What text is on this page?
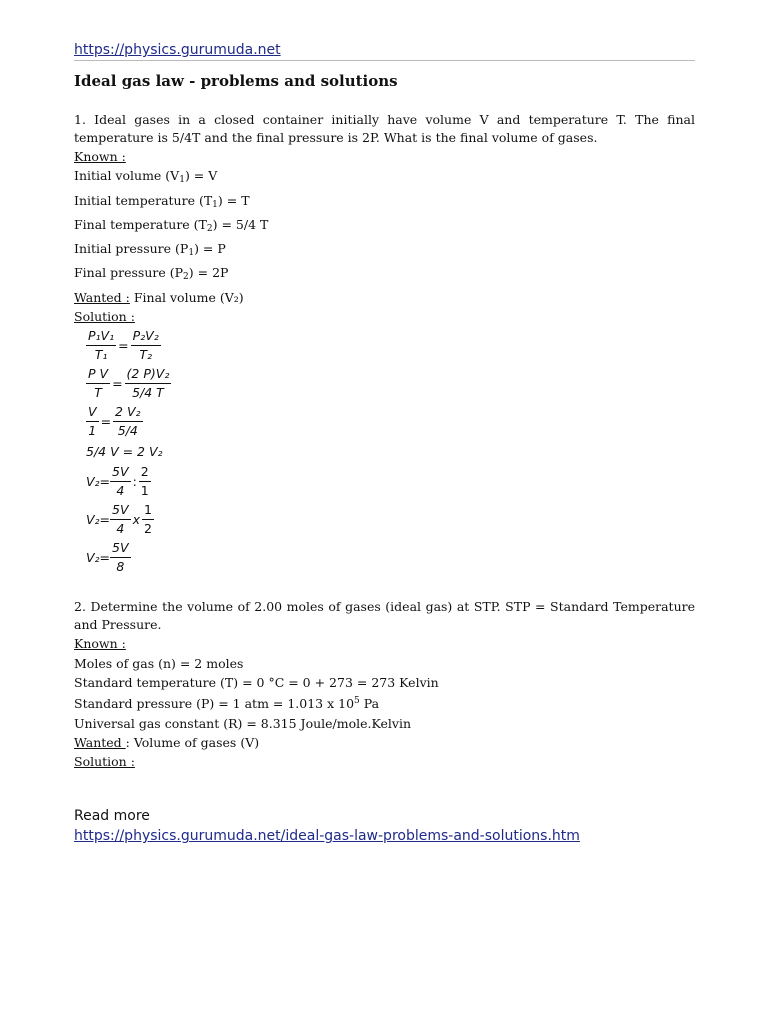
https://physics.gurumuda.net
Ideal gas law - problems and solutions
1. Ideal gases in a closed container initially have volume V and temperature T. The final temperature is 5/4T and the final pressure is 2P. What is the final volume of gases.
Known :
Initial volume $(V_1) = V$
Initial temperature $(T_1) = T$
Final temperature $(T_2) = 5/4$ T
Initial pressure $(P_1) = P$
Final pressure $(P_2) = 2P$
Wanted : Final volume (V₂)
Solution :
$\frac{\text{P₁V₁}}{\text{T₁}} = \frac{\text{P₂V₂}}{\text{T₂}}$
$\frac{\text{P V}}{T} = \frac{\text{(2 P)V₂}}{5/4 T}$
$\frac{V}{1} = \frac{\text{2 V₂}}{5/4}$
5/4 V = 2 V₂
$V_2= \frac{5V}{4}$ : $\frac{2}{1}$
$V_2= \frac{5V}{4}$ x $\frac{1}{2}$
$V_2= \frac{5V}{8}$
2. Determine the volume of 2.00 moles of gases (ideal gas) at STP. STP = Standard Temperature and Pressure.
Known :
Moles of gas (n) = 2 moles
Standard temperature (T) = 0 °C = 0 + 273 = 273 Kelvin
Standard pressure (P) = 1 atm = 1.013 x $10^5$ Pa
Universal gas constant (R) = 8.315 Joule/mole.Kelvin
Wanted : Volume of gases (V)
Solution :
Read more
https://physics.gurumuda.net/ideal-gas-law-problems-and-solutions.htm
